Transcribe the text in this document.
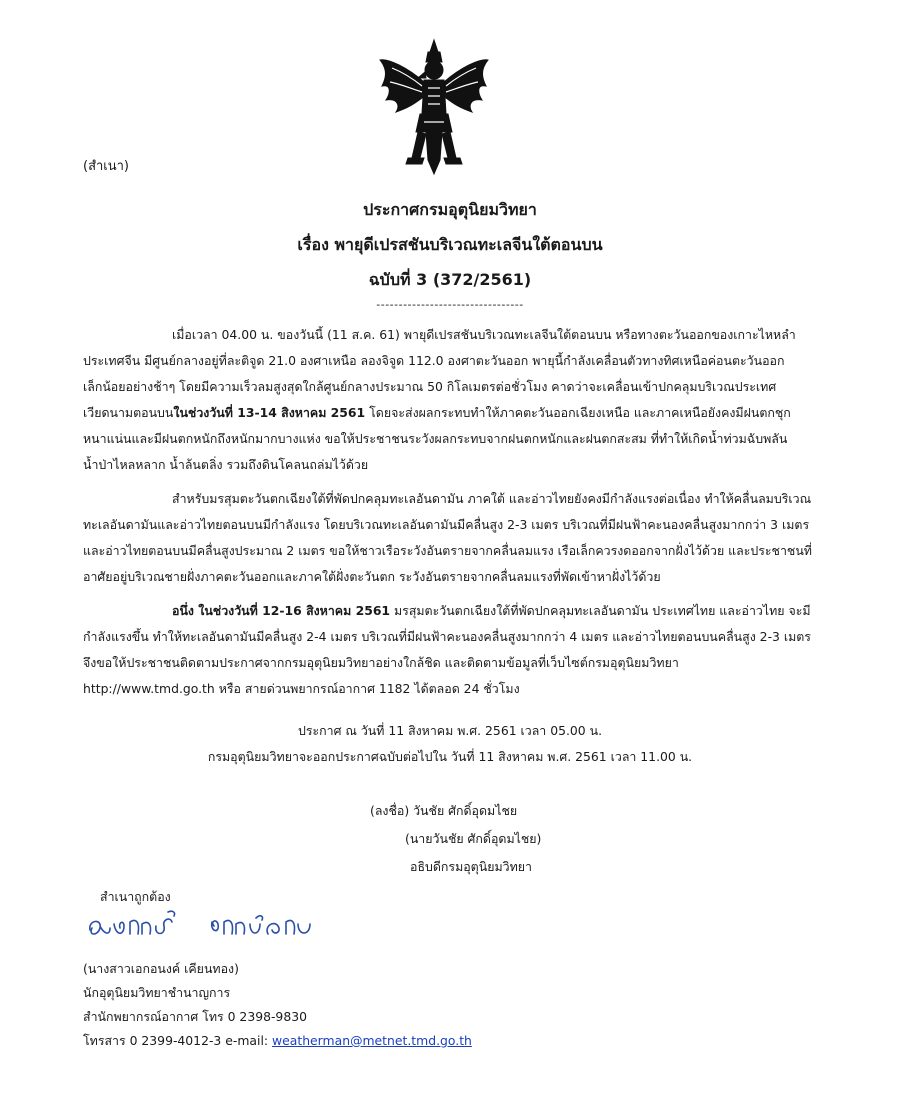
(สำเนา)
ประกาศกรมอุตุนิยมวิทยา
เรื่อง พายุดีเปรสชันบริเวณทะเลจีนใต้ตอนบน
ฉบับที่ 3 (372/2561)
---------------------------------
เมื่อเวลา 04.00 น. ของวันนี้ (11 ส.ค. 61) พายุดีเปรสชันบริเวณทะเลจีนใต้ตอนบน หรือทางตะวันออกของเกาะไหหลำ
ประเทศจีน มีศูนย์กลางอยู่ที่ละติจูด 21.0 องศาเหนือ ลองจิจูด 112.0 องศาตะวันออก พายุนี้กำลังเคลื่อนตัวทางทิศเหนือค่อนตะวันออก
เล็กน้อยอย่างช้าๆ โดยมีความเร็วลมสูงสุดใกล้ศูนย์กลางประมาณ 50 กิโลเมตรต่อชั่วโมง คาดว่าจะเคลื่อนเข้าปกคลุมบริเวณประเทศ
เวียดนามตอนบนในช่วงวันที่ 13-14 สิงหาคม 2561 โดยจะส่งผลกระทบทำให้ภาคตะวันออกเฉียงเหนือ และภาคเหนือยังคงมีฝนตกชุก
หนาแน่นและมีฝนตกหนักถึงหนักมากบางแห่ง ขอให้ประชาชนระวังผลกระทบจากฝนตกหนักและฝนตกสะสม ที่ทำให้เกิดน้ำท่วมฉับพลัน
น้ำป่าไหลหลาก น้ำล้นตลิ่ง รวมถึงดินโคลนถล่มไว้ด้วย
สำหรับมรสุมตะวันตกเฉียงใต้ที่พัดปกคลุมทะเลอันดามัน ภาคใต้ และอ่าวไทยยังคงมีกำลังแรงต่อเนื่อง ทำให้คลื่นลมบริเวณ
ทะเลอันดามันและอ่าวไทยตอนบนมีกำลังแรง โดยบริเวณทะเลอันดามันมีคลื่นสูง 2-3 เมตร บริเวณที่มีฝนฟ้าคะนองคลื่นสูงมากกว่า 3 เมตร
และอ่าวไทยตอนบนมีคลื่นสูงประมาณ 2 เมตร ขอให้ชาวเรือระวังอันตรายจากคลื่นลมแรง เรือเล็กควรงดออกจากฝั่งไว้ด้วย และประชาชนที่
อาศัยอยู่บริเวณชายฝั่งภาคตะวันออกและภาคใต้ฝั่งตะวันตก ระวังอันตรายจากคลื่นลมแรงที่พัดเข้าหาฝั่งไว้ด้วย
อนึ่ง ในช่วงวันที่ 12-16 สิงหาคม 2561 มรสุมตะวันตกเฉียงใต้ที่พัดปกคลุมทะเลอันดามัน ประเทศไทย และอ่าวไทย จะมี
กำลังแรงขึ้น ทำให้ทะเลอันดามันมีคลื่นสูง 2-4 เมตร บริเวณที่มีฝนฟ้าคะนองคลื่นสูงมากกว่า 4 เมตร และอ่าวไทยตอนบนคลื่นสูง 2-3 เมตร
จึงขอให้ประชาชนติดตามประกาศจากกรมอุตุนิยมวิทยาอย่างใกล้ชิด และติดตามข้อมูลที่เว็บไซต์กรมอุตุนิยมวิทยา
http://www.tmd.go.th หรือ สายด่วนพยากรณ์อากาศ 1182 ได้ตลอด 24 ชั่วโมง
ประกาศ ณ วันที่ 11 สิงหาคม พ.ศ. 2561 เวลา 05.00 น.
กรมอุตุนิยมวิทยาจะออกประกาศฉบับต่อไปใน วันที่ 11 สิงหาคม พ.ศ. 2561 เวลา 11.00 น.
(ลงชื่อ) วันชัย ศักดิ์อุดมไชย
(นายวันชัย ศักดิ์อุดมไชย)
อธิบดีกรมอุตุนิยมวิทยา
สำเนาถูกต้อง
(นางสาวเอกอนงค์ เคียนทอง)
นักอุตุนิยมวิทยาชำนาญการ
สำนักพยากรณ์อากาศ โทร 0 2398-9830
โทรสาร 0 2399-4012-3 e-mail: weatherman@metnet.tmd.go.th
